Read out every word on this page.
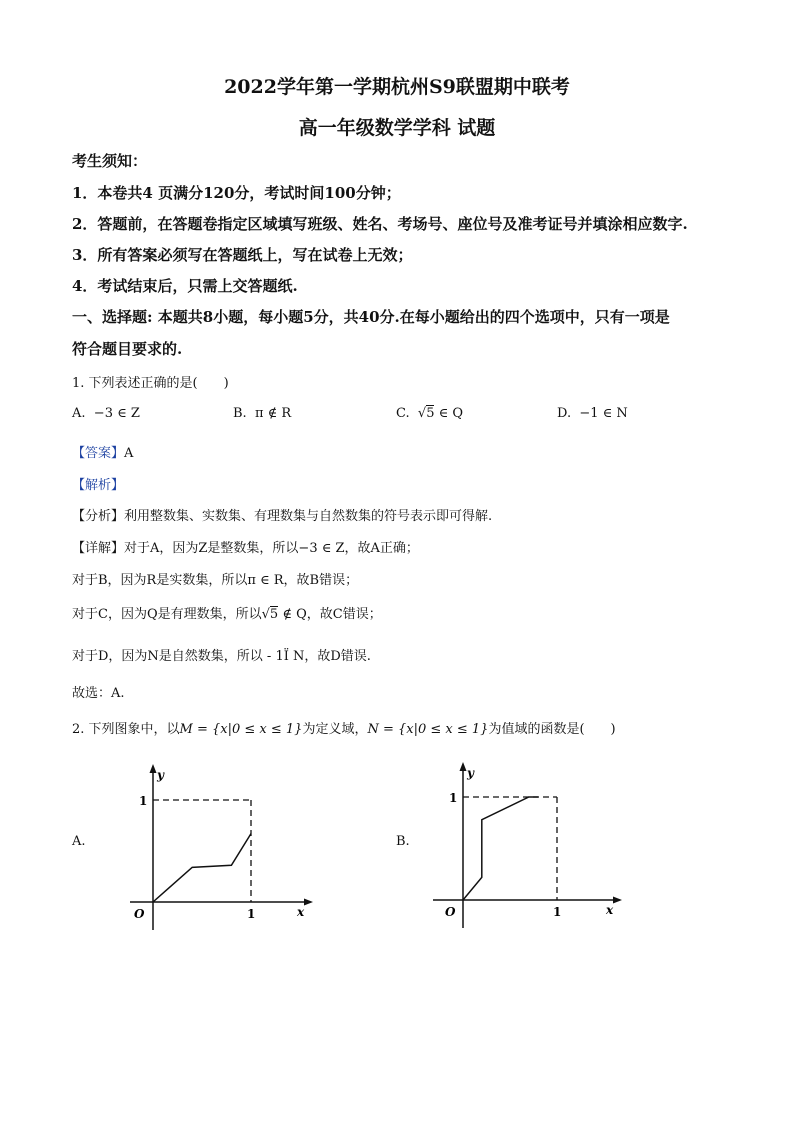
2022学年第一学期杭州S9联盟期中联考
高一年级数学学科 试题
考生须知：
1．本卷共4 页满分120分，考试时间100分钟；
2．答题前，在答题卷指定区域填写班级、姓名、考场号、座位号及准考证号并填涂相应数字.
3．所有答案必须写在答题纸上，写在试卷上无效；
4．考试结束后，只需上交答题纸.
一、选择题: 本题共8小题，每小题5分，共40分.在每小题给出的四个选项中，只有一项是
符合题目要求的.
1. 下列表述正确的是(　　)
A. −3 ∈ Z	B. π ∉ R	C. √5 ∈ Q	D. −1 ∈ N
【答案】A
【解析】
【分析】利用整数集、实数集、有理数集与自然数集的符号表示即可得解.
【详解】对于A，因为Z是整数集，所以−3 ∈ Z，故A正确；
对于B，因为R是实数集，所以π ∈ R，故B错误；
对于C，因为Q是有理数集，所以√5 ∉ Q，故C错误；
对于D，因为N是自然数集，所以 - 1Ï N，故D错误.
故选：A.
2. 下列图象中，以M = {x|0 ≤ x ≤ 1}为定义域，N = {x|0 ≤ x ≤ 1}为值域的函数是(　　)
A.
y
1
O	1	x
B.
y
1
O	1	x
